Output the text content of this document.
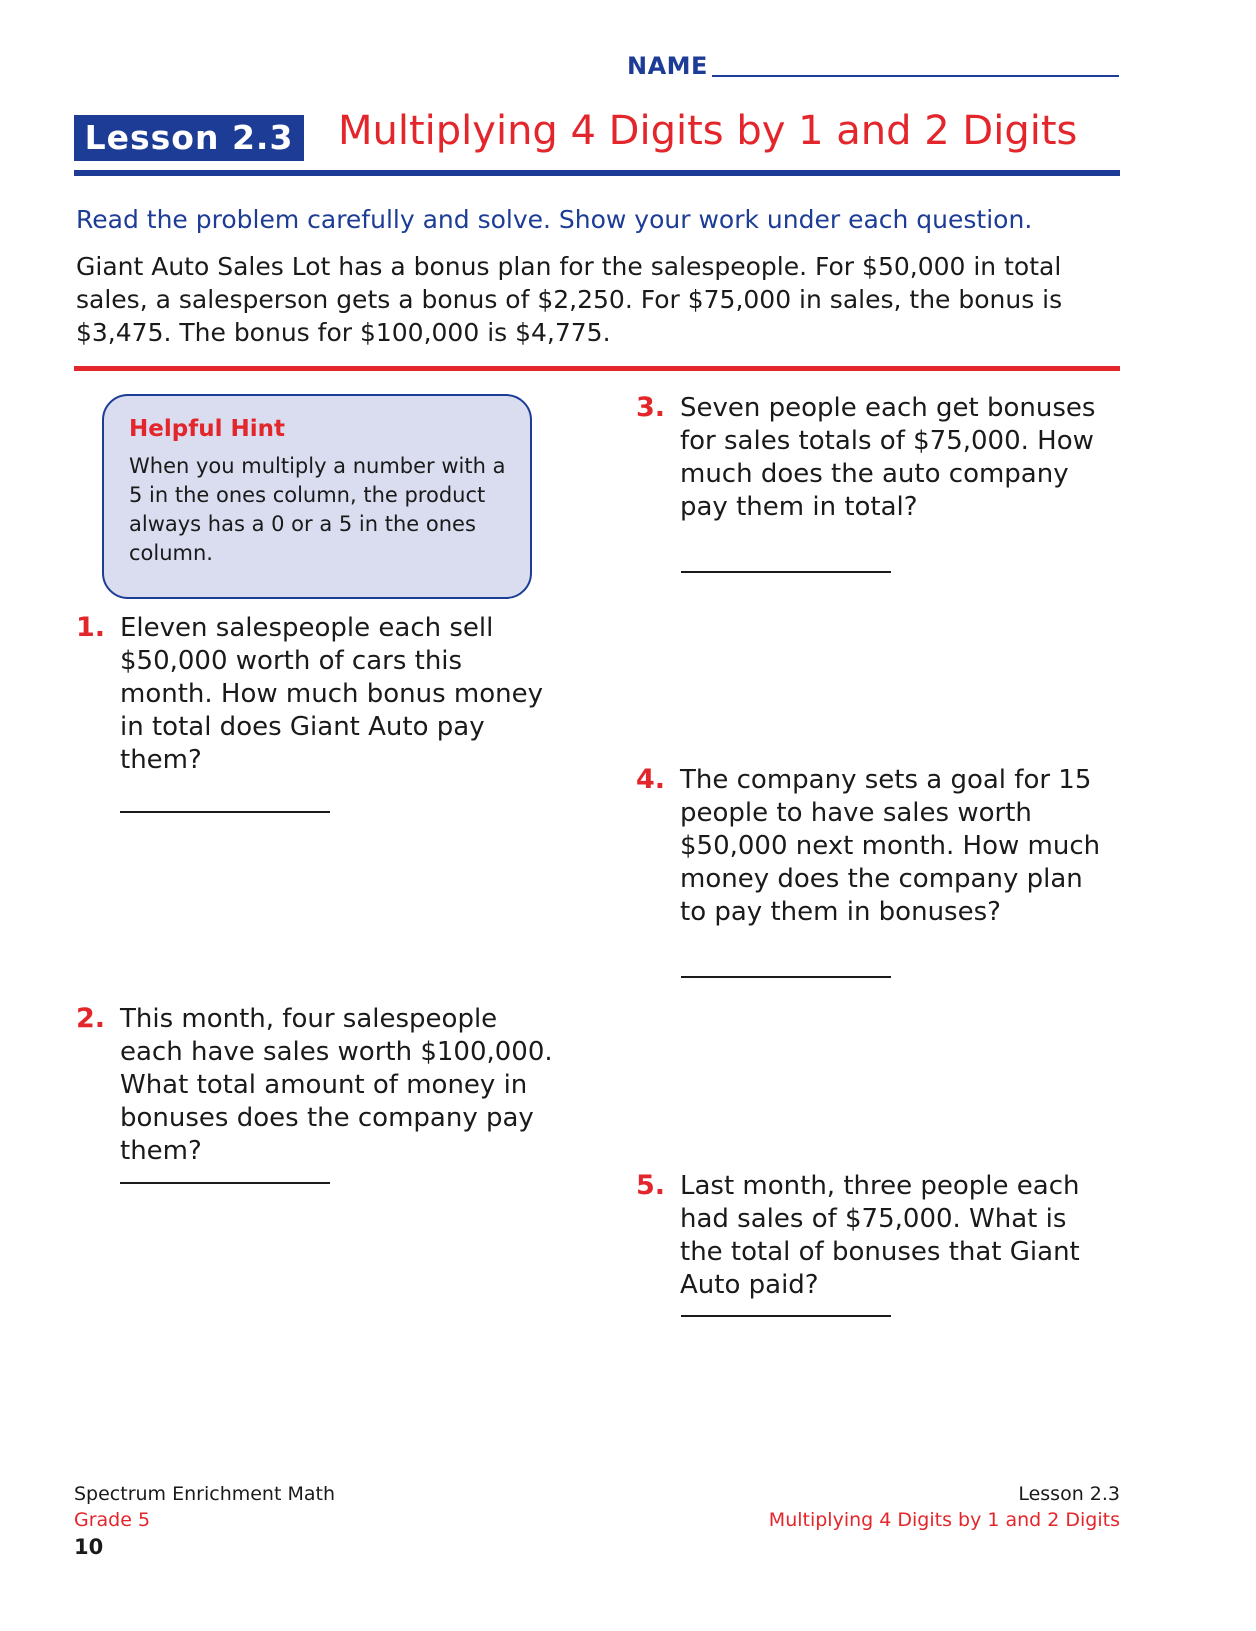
NAME
Lesson 2.3 Multiplying 4 Digits by 1 and 2 Digits
Read the problem carefully and solve. Show your work under each question.
Giant Auto Sales Lot has a bonus plan for the salespeople. For $50,000 in total sales, a salesperson gets a bonus of $2,250. For $75,000 in sales, the bonus is $3,475. The bonus for $100,000 is $4,775.
Helpful Hint
When you multiply a number with a 5 in the ones column, the product always has a 0 or a 5 in the ones column.
1. Eleven salespeople each sell $50,000 worth of cars this month. How much bonus money in total does Giant Auto pay them?
2. This month, four salespeople each have sales worth $100,000. What total amount of money in bonuses does the company pay them?
3. Seven people each get bonuses for sales totals of $75,000. How much does the auto company pay them in total?
4. The company sets a goal for 15 people to have sales worth $50,000 next month. How much money does the company plan to pay them in bonuses?
5. Last month, three people each had sales of $75,000. What is the total of bonuses that Giant Auto paid?
Spectrum Enrichment Math
Grade 5
10
Lesson 2.3
Multiplying 4 Digits by 1 and 2 Digits
